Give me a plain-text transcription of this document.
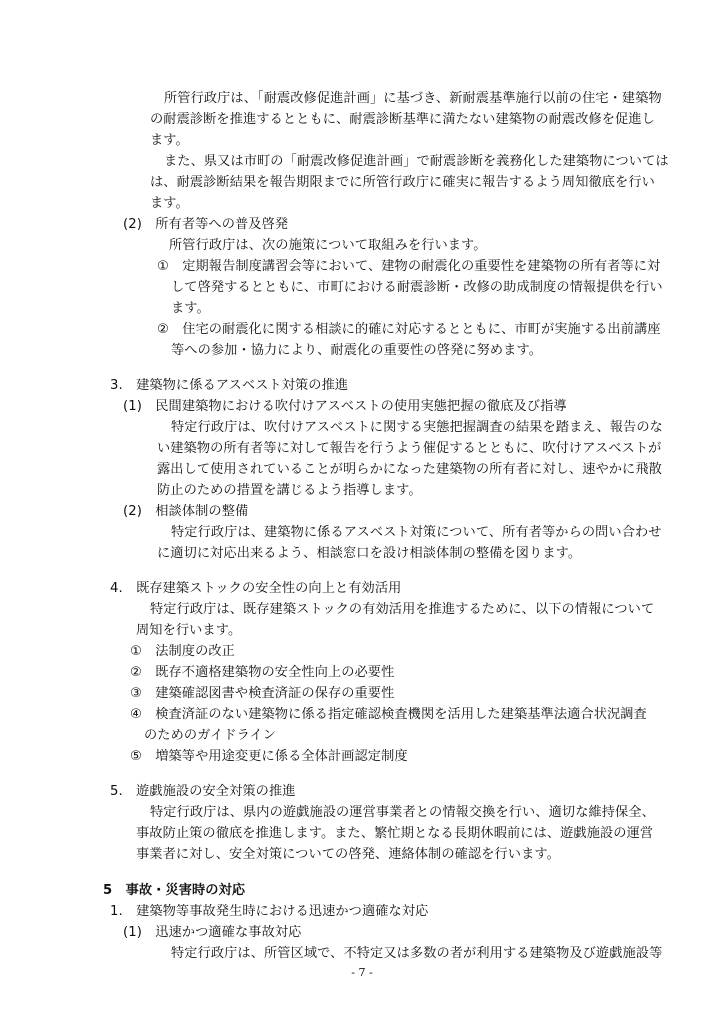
所管行政庁は、「耐震改修促進計画」に基づき、新耐震基準施行以前の住宅・建築物
の耐震診断を推進するとともに、耐震診断基準に満たない建築物の耐震改修を促進し
ます。
また、県又は市町の「耐震改修促進計画」で耐震診断を義務化した建築物については
は、耐震診断結果を報告期限までに所管行政庁に確実に報告するよう周知徹底を行い
ます。
(2)　所有者等への普及啓発
所管行政庁は、次の施策について取組みを行います。
①　定期報告制度講習会等において、建物の耐震化の重要性を建築物の所有者等に対
して啓発するとともに、市町における耐震診断・改修の助成制度の情報提供を行い
ます。
②　住宅の耐震化に関する相談に的確に対応するとともに、市町が実施する出前講座
等への参加・協力により、耐震化の重要性の啓発に努めます。
3.　建築物に係るアスベスト対策の推進
(1)　民間建築物における吹付けアスベストの使用実態把握の徹底及び指導
特定行政庁は、吹付けアスベストに関する実態把握調査の結果を踏まえ、報告のな
い建築物の所有者等に対して報告を行うよう催促するとともに、吹付けアスベストが
露出して使用されていることが明らかになった建築物の所有者に対し、速やかに飛散
防止のための措置を講じるよう指導します。
(2)　相談体制の整備
特定行政庁は、建築物に係るアスベスト対策について、所有者等からの問い合わせ
に適切に対応出来るよう、相談窓口を設け相談体制の整備を図ります。
4.　既存建築ストックの安全性の向上と有効活用
特定行政庁は、既存建築ストックの有効活用を推進するために、以下の情報について
周知を行います。
①　法制度の改正
②　既存不適格建築物の安全性向上の必要性
③　建築確認図書や検査済証の保存の重要性
④　検査済証のない建築物に係る指定確認検査機関を活用した建築基準法適合状況調査
のためのガイドライン
⑤　増築等や用途変更に係る全体計画認定制度
5.　遊戯施設の安全対策の推進
特定行政庁は、県内の遊戯施設の運営事業者との情報交換を行い、適切な維持保全、
事故防止策の徹底を推進します。また、繁忙期となる長期休暇前には、遊戯施設の運営
事業者に対し、安全対策についての啓発、連絡体制の確認を行います。
5　事故・災害時の対応
1.　建築物等事故発生時における迅速かつ適確な対応
(1)　迅速かつ適確な事故対応
特定行政庁は、所管区域で、不特定又は多数の者が利用する建築物及び遊戯施設等
- 7 -
